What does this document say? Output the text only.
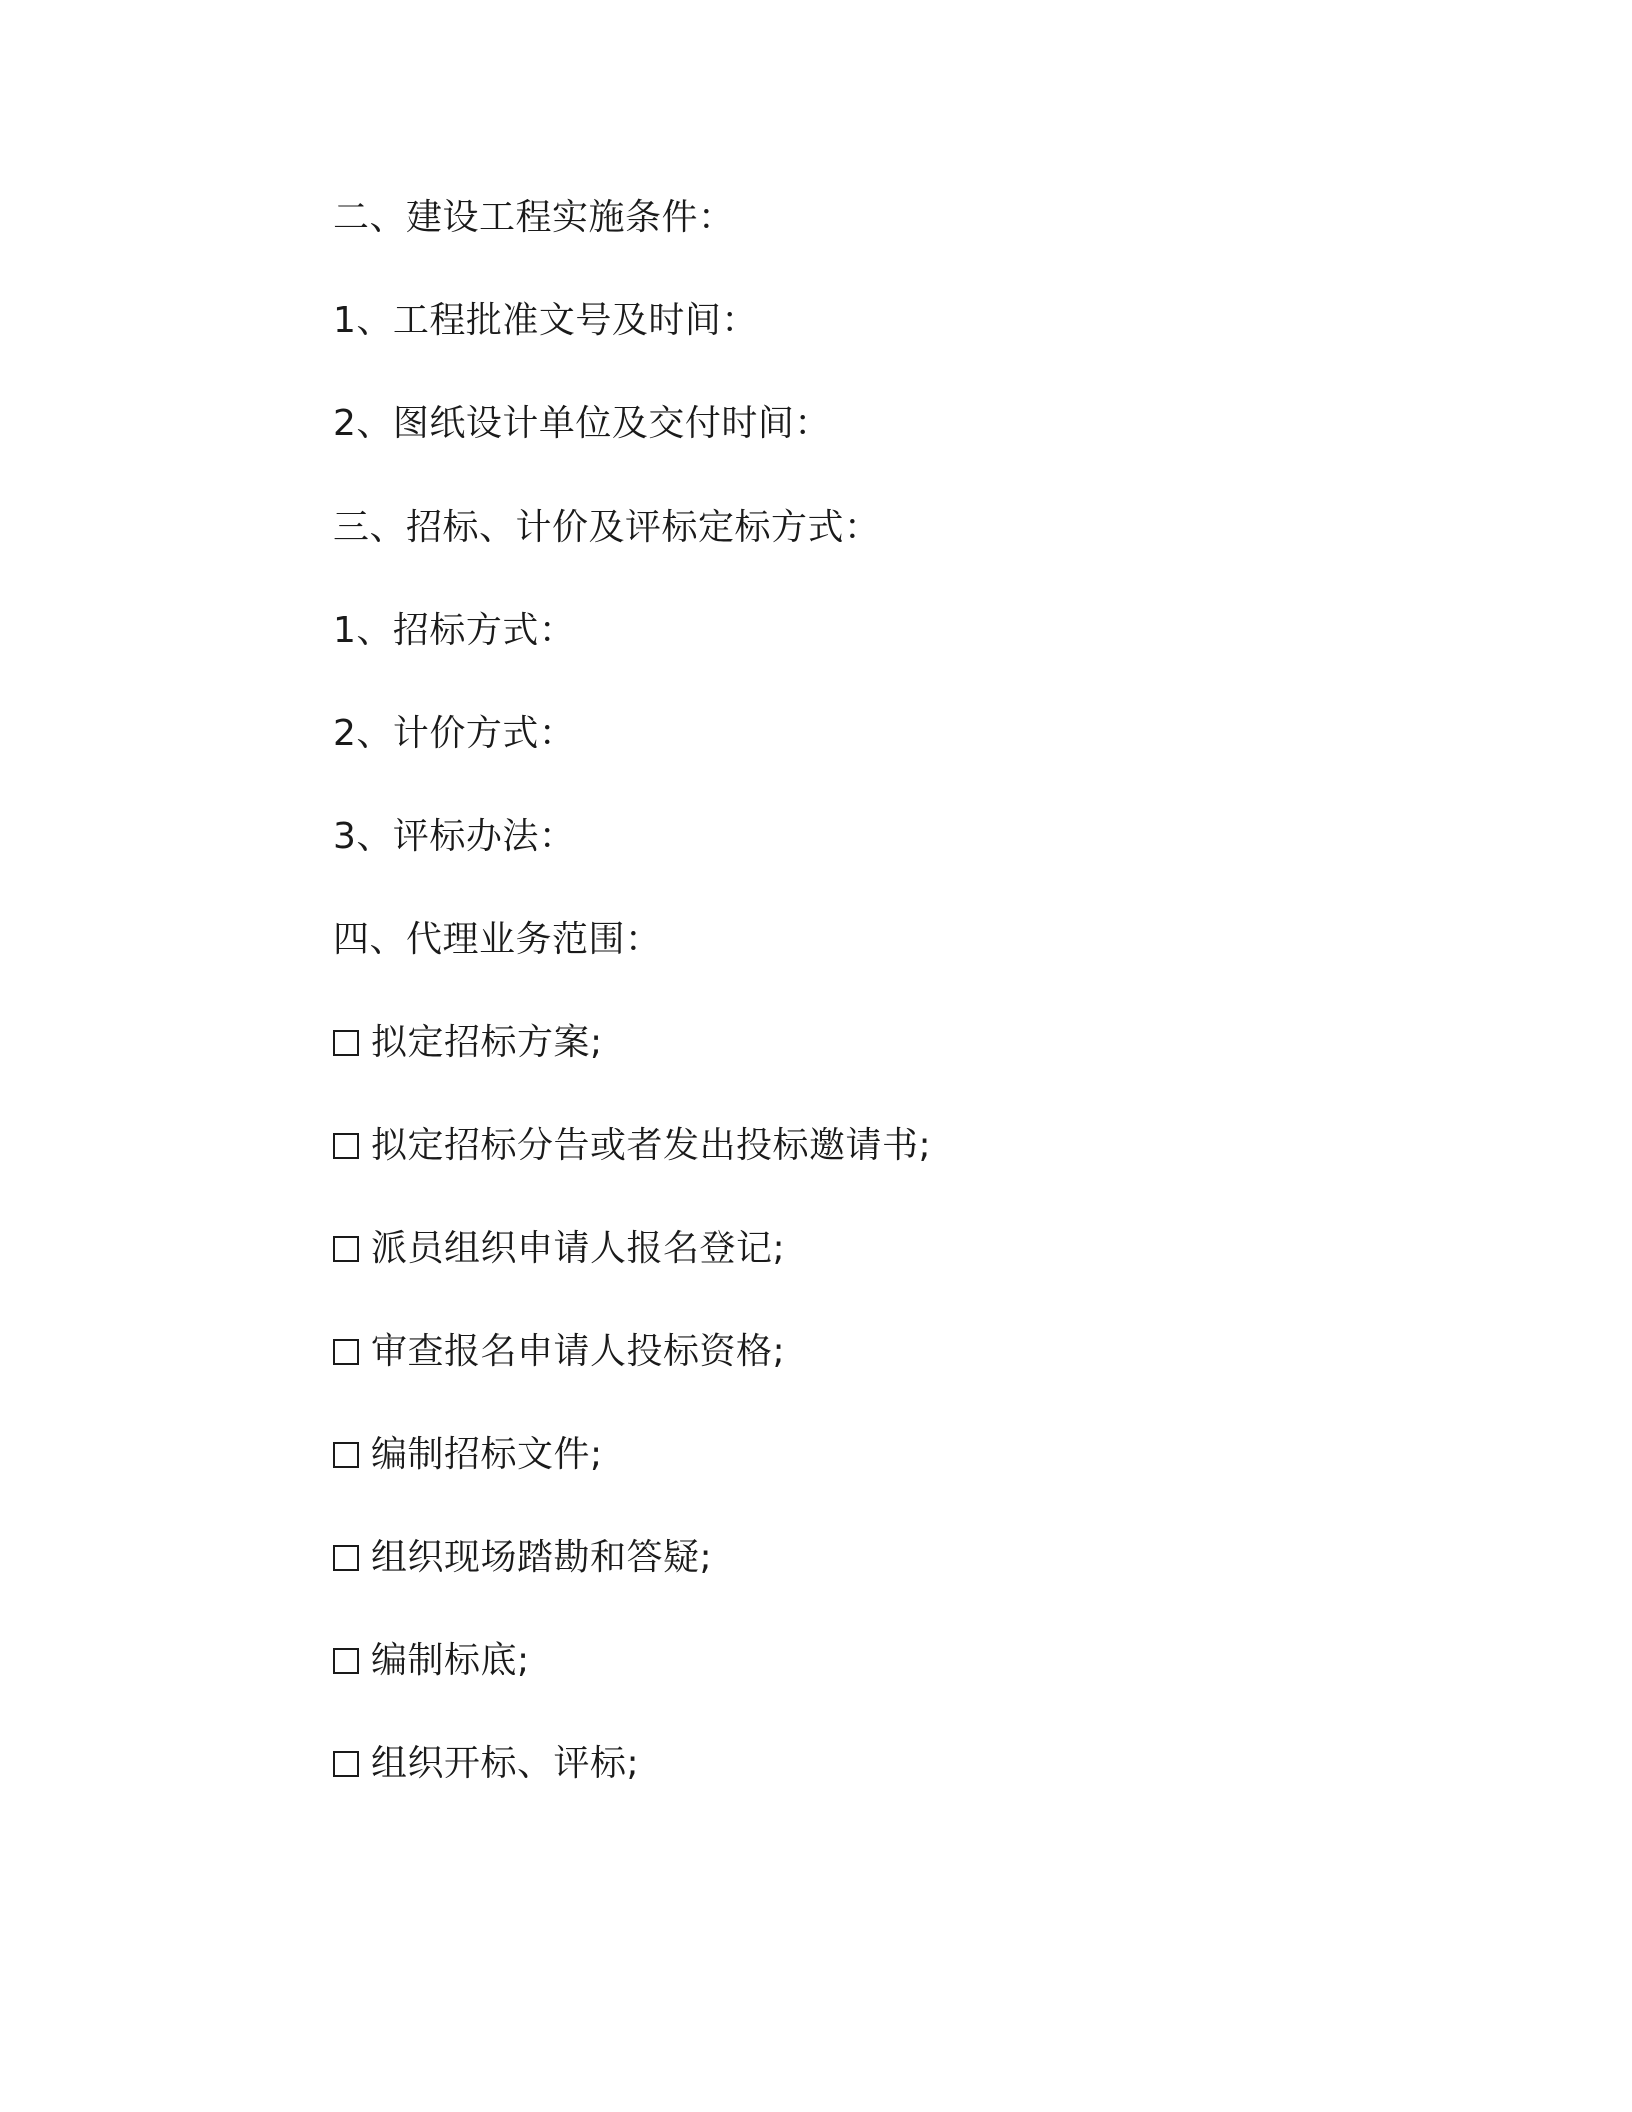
二、建设工程实施条件：
1、工程批准文号及时间：
2、图纸设计单位及交付时间：
三、招标、计价及评标定标方式：
1、招标方式：
2、计价方式：
3、评标办法：
四、代理业务范围：
拟定招标方案;
拟定招标分告或者发出投标邀请书;
派员组织申请人报名登记;
审查报名申请人投标资格;
编制招标文件;
组织现场踏勘和答疑;
编制标底;
组织开标、评标;
